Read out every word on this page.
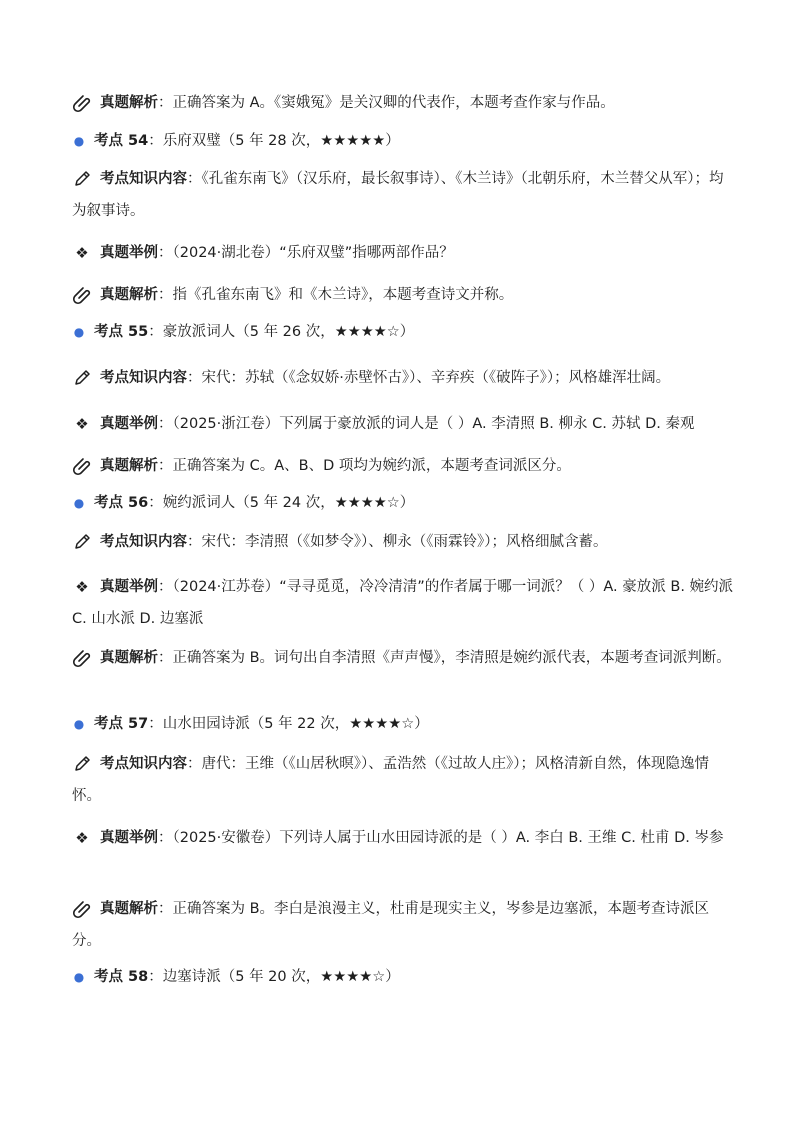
真题解析：正确答案为 A。《窦娥冤》是关汉卿的代表作，本题考查作家与作品。
● 考点 54：乐府双璧（5 年 28 次，★★★★★）
考点知识内容：《孔雀东南飞》（汉乐府，最长叙事诗）、《木兰诗》（北朝乐府，木兰替父从军）；均为叙事诗。
❖ 真题举例：（2024·湖北卷）“乐府双璧”指哪两部作品？
真题解析：指《孔雀东南飞》和《木兰诗》，本题考查诗文并称。
● 考点 55：豪放派词人（5 年 26 次，★★★★☆）
考点知识内容：宋代：苏轼（《念奴娇·赤壁怀古》）、辛弃疾（《破阵子》）；风格雄浑壮阔。
❖ 真题举例：（2025·浙江卷）下列属于豪放派的词人是（ ）A. 李清照 B. 柳永 C. 苏轼 D. 秦观
真题解析：正确答案为 C。A、B、D 项均为婉约派，本题考查词派区分。
● 考点 56：婉约派词人（5 年 24 次，★★★★☆）
考点知识内容：宋代：李清照（《如梦令》）、柳永（《雨霖铃》）；风格细腻含蓄。
❖ 真题举例：（2024·江苏卷）“寻寻觅觅，冷冷清清”的作者属于哪一词派？（ ）A. 豪放派 B. 婉约派 C. 山水派 D. 边塞派
真题解析：正确答案为 B。词句出自李清照《声声慢》，李清照是婉约派代表，本题考查词派判断。
● 考点 57：山水田园诗派（5 年 22 次，★★★★☆）
考点知识内容：唐代：王维（《山居秋暝》）、孟浩然（《过故人庄》）；风格清新自然，体现隐逸情怀。
❖ 真题举例：（2025·安徽卷）下列诗人属于山水田园诗派的是（ ）A. 李白 B. 王维 C. 杜甫 D. 岑参
真题解析：正确答案为 B。李白是浪漫主义，杜甫是现实主义，岑参是边塞派，本题考查诗派区分。
● 考点 58：边塞诗派（5 年 20 次，★★★★☆）
